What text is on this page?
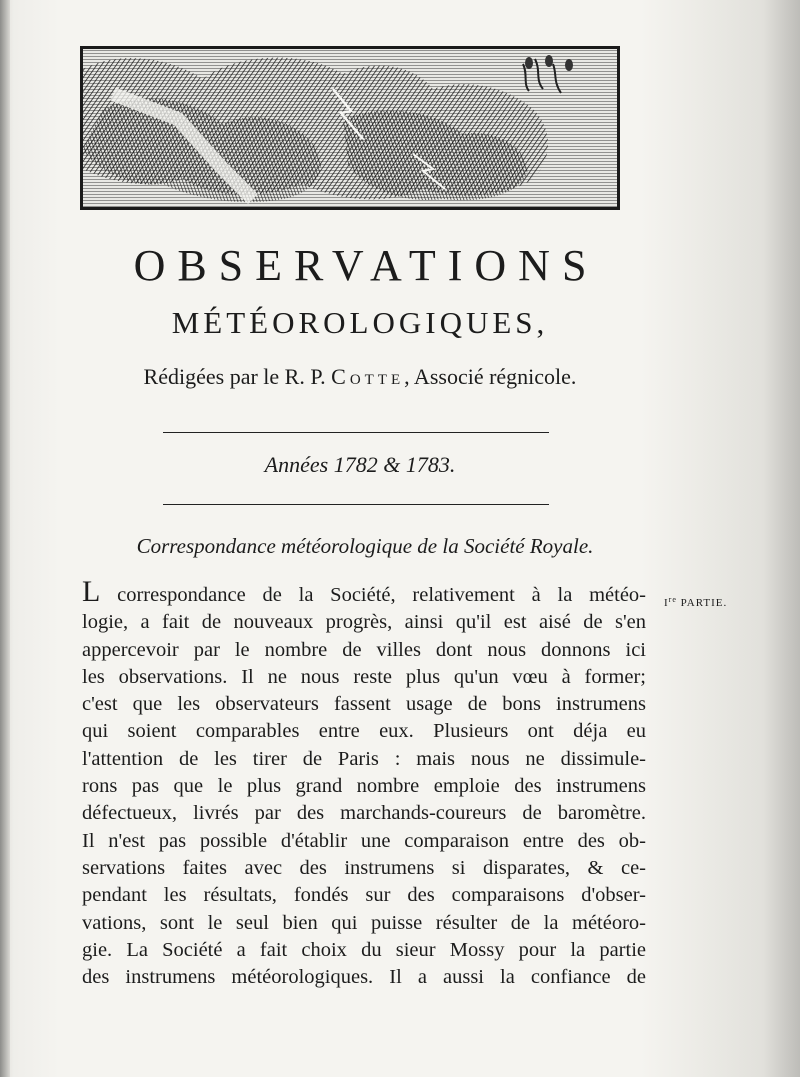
OBSERVATIONS
MÉTÉOROLOGIQUES,
Rédigées par le R. P. Cotte, Associé régnicole.
Années 1782 & 1783.
Correspondance météorologique de la Société Royale.
Ire PARTIE.
L correspondance de la Société, relativement à la météo-
logie, a fait de nouveaux progrès, ainsi qu'il est aisé de s'en
appercevoir par le nombre de villes dont nous donnons ici
les observations. Il ne nous reste plus qu'un vœu à former;
c'est que les observateurs fassent usage de bons instrumens
qui soient comparables entre eux. Plusieurs ont déja eu
l'attention de les tirer de Paris : mais nous ne dissimule-
rons pas que le plus grand nombre emploie des instrumens
défectueux, livrés par des marchands-coureurs de baromètre.
Il n'est pas possible d'établir une comparaison entre des ob-
servations faites avec des instrumens si disparates, & ce-
pendant les résultats, fondés sur des comparaisons d'obser-
vations, sont le seul bien qui puisse résulter de la météoro-
gie. La Société a fait choix du sieur Mossy pour la partie
des instrumens météorologiques. Il a aussi la confiance de
